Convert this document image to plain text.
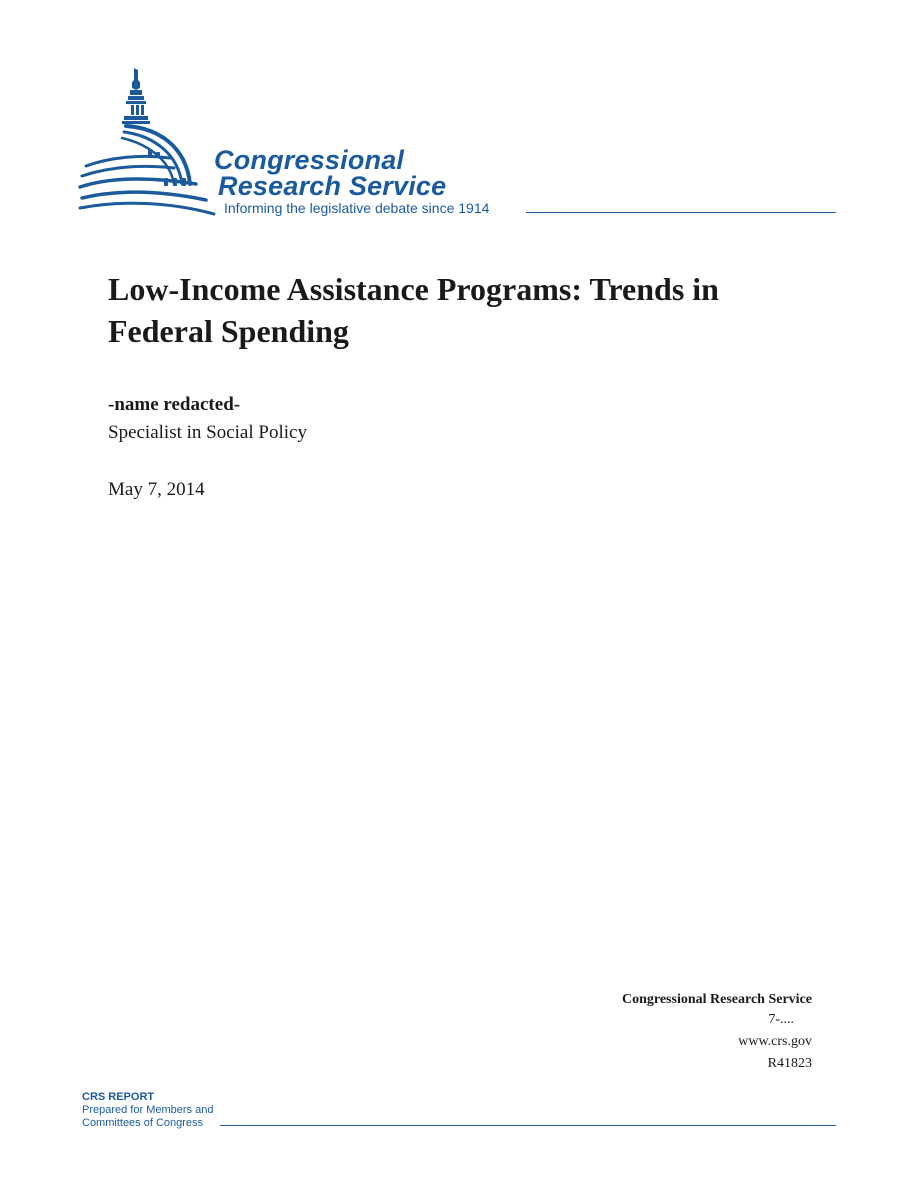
Congressional
Research Service
Informing the legislative debate since 1914
Low-Income Assistance Programs: Trends in Federal Spending
-name redacted-
Specialist in Social Policy
May 7, 2014
Congressional Research Service
7-....
www.crs.gov
R41823
CRS REPORT
Prepared for Members and
Committees of Congress
